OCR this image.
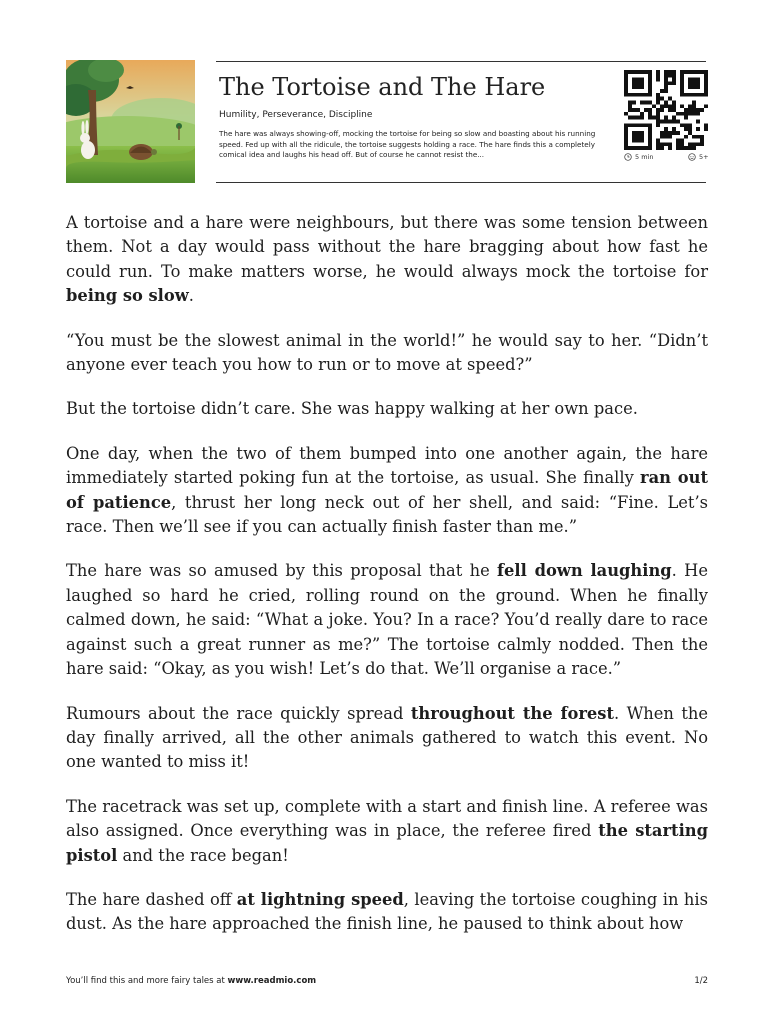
The Tortoise and The Hare
Humility, Perseverance, Discipline
The hare was always showing-off, mocking the tortoise for being so slow and boasting about his running speed. Fed up with all the ridicule, the tortoise suggests holding a race. The hare finds this a completely comical idea and laughs his head off. But of course he cannot resist the...	5 min	5+

A tortoise and a hare were neighbours, but there was some tension between them. Not a day would pass without the hare bragging about how fast he could run. To make matters worse, he would always mock the tortoise for being so slow.

“You must be the slowest animal in the world!” he would say to her. “Didn’t anyone ever teach you how to run or to move at speed?”

But the tortoise didn’t care. She was happy walking at her own pace.

One day, when the two of them bumped into one another again, the hare immediately started poking fun at the tortoise, as usual. She finally ran out of patience, thrust her long neck out of her shell, and said: “Fine. Let’s race. Then we’ll see if you can actually finish faster than me.”

The hare was so amused by this proposal that he fell down laughing. He laughed so hard he cried, rolling round on the ground. When he finally calmed down, he said: “What a joke. You? In a race? You’d really dare to race against such a great runner as me?” The tortoise calmly nodded. Then the hare said: “Okay, as you wish! Let’s do that. We’ll organise a race.”

Rumours about the race quickly spread throughout the forest. When the day finally arrived, all the other animals gathered to watch this event. No one wanted to miss it!

The racetrack was set up, complete with a start and finish line. A referee was also assigned. Once everything was in place, the referee fired the starting pistol and the race began!

The hare dashed off at lightning speed, leaving the tortoise coughing in his dust. As the hare approached the finish line, he paused to think about how

You’ll find this and more fairy tales at www.readmio.com	1/2
